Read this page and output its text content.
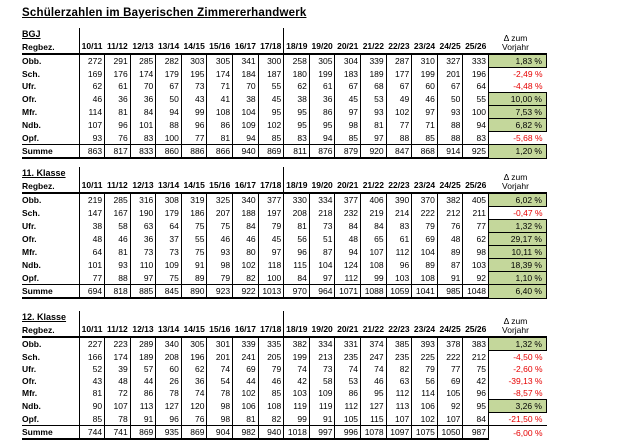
Schülerzahlen im Bayerischen Zimmererhandwerk
BGJ
Regbez.	10/11	11/12	12/13	13/14	14/15	15/16	16/17	17/18	18/19	19/20	20/21	21/22	22/23	23/24	24/25	25/26	Δ zum
Vorjahr

Obb.	272	291	285	282	303	305	341	300	258	305	304	339	287	310	327	333	1,83 %
Sch.	169	176	174	179	195	174	184	187	180	199	183	189	177	199	201	196	-2,49 %
Ufr.	62	61	70	67	73	71	70	55	62	61	67	68	67	60	67	64	-4,48 %
Ofr.	46	36	36	50	43	41	38	45	38	36	45	53	49	46	50	55	10,00 %
Mfr.	114	81	84	94	99	108	104	95	95	86	97	93	102	97	93	100	7,53 %
Ndb.	107	96	101	88	96	86	109	102	95	95	98	81	77	71	88	94	6,82 %
Opf.	93	76	83	100	77	81	94	85	83	94	85	97	88	85	88	83	-5,68 %
Summe	863	817	833	860	886	866	940	869	811	876	879	920	847	868	914	925	1,20 %
11. Klasse
Regbez.	10/11	11/12	12/13	13/14	14/15	15/16	16/17	17/18	18/19	19/20	20/21	21/22	22/23	23/24	24/25	25/26	Δ zum
Vorjahr

Obb.	219	285	316	308	319	325	340	377	330	334	377	406	390	370	382	405	6,02 %
Sch.	147	167	190	179	186	207	188	197	208	218	232	219	214	222	212	211	-0,47 %
Ufr.	38	58	63	64	75	75	84	79	81	73	84	84	83	79	76	77	1,32 %
Ofr.	48	46	36	37	55	46	46	45	56	51	48	65	61	69	48	62	29,17 %
Mfr.	64	81	73	73	75	93	80	97	96	87	94	107	112	104	89	98	10,11 %
Ndb.	101	93	110	109	91	98	102	118	115	104	124	108	96	89	87	103	18,39 %
Opf.	77	88	97	75	89	79	82	100	84	97	112	99	103	108	91	92	1,10 %
Summe	694	818	885	845	890	923	922	1013	970	964	1071	1088	1059	1041	985	1048	6,40 %
12. Klasse
Regbez.	10/11	11/12	12/13	13/14	14/15	15/16	16/17	17/18	18/19	19/20	20/21	21/22	22/23	23/24	24/25	25/26	Δ zum
Vorjahr

Obb.	227	223	289	340	305	301	339	335	382	334	331	374	385	393	378	383	1,32 %
Sch.	166	174	189	208	196	201	241	205	199	213	235	247	235	225	222	212	-4,50 %
Ufr.	52	39	57	60	62	74	69	79	74	73	74	74	82	79	77	75	-2,60 %
Ofr.	43	48	44	26	36	54	44	46	42	58	53	46	63	56	69	42	-39,13 %
Mfr.	81	72	86	78	74	78	102	85	103	109	86	95	112	114	105	96	-8,57 %
Ndb.	90	107	113	127	120	98	106	108	119	119	112	127	113	106	92	95	3,26 %
Opf.	85	78	91	96	76	98	81	82	99	91	105	115	107	102	107	84	-21,50 %
Summe	744	741	869	935	869	904	982	940	1018	997	996	1078	1097	1075	1050	987	-6,00 %
